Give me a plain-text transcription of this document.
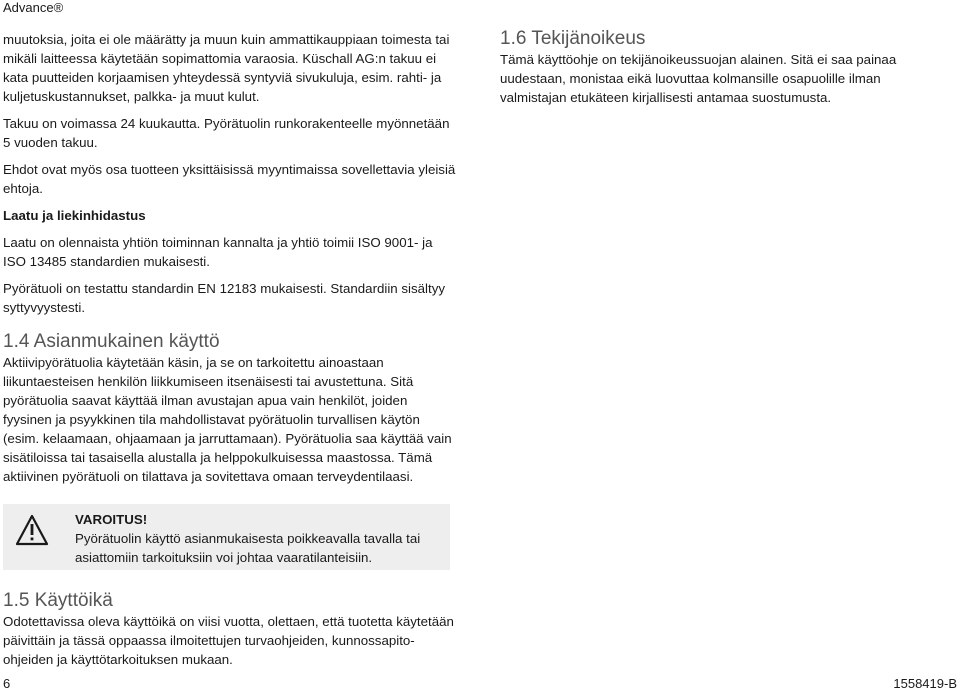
Advance®

muutoksia, joita ei ole määrätty ja muun kuin ammattikauppiaan toimesta tai mikäli laitteessa käytetään sopimattomia varaosia. Küschall AG:n takuu ei kata puutteiden korjaamisen yhteydessä syntyviä sivukuluja, esim. rahti- ja kuljetuskustannukset, palkka- ja muut kulut.

Takuu on voimassa 24 kuukautta. Pyörätuolin runkorakenteelle myönnetään 5 vuoden takuu.

Ehdot ovat myös osa tuotteen yksittäisissä myyntimaissa sovellettavia yleisiä ehtoja.

Laatu ja liekinhidastus

Laatu on olennaista yhtiön toiminnan kannalta ja yhtiö toimii ISO 9001- ja ISO 13485 standardien mukaisesti.

Pyörätuoli on testattu standardin EN 12183 mukaisesti. Standardiin sisältyy syttyvyystesti.

1.4 Asianmukainen käyttö

Aktiivipyörätuolia käytetään käsin, ja se on tarkoitettu ainoastaan liikuntaesteisen henkilön liikkumiseen itsenäisesti tai avustettuna. Sitä pyörätuolia saavat käyttää ilman avustajan apua vain henkilöt, joiden fyysinen ja psyykkinen tila mahdollistavat pyörätuolin turvallisen käytön (esim. kelaamaan, ohjaamaan ja jarruttamaan). Pyörätuolia saa käyttää vain sisätiloissa tai tasaisella alustalla ja helppokulkuisessa maastossa. Tämä aktiivinen pyörätuoli on tilattava ja sovitettava omaan terveydentilaasi.

VAROITUS!

Pyörätuolin käyttö asianmukaisesta poikkeavalla tavalla tai asiattomiin tarkoituksiin voi johtaa vaaratilanteisiin.

1.5 Käyttöikä

Odotettavissa oleva käyttöikä on viisi vuotta, olettaen, että tuotetta käytetään päivittäin ja tässä oppaassa ilmoitettujen turvaohjeiden, kunnossapito-ohjeiden ja käyttötarkoituksen mukaan.

1.6 Tekijänoikeus

Tämä käyttöohje on tekijänoikeussuojan alainen. Sitä ei saa painaa uudestaan, monistaa eikä luovuttaa kolmansille osapuolille ilman valmistajan etukäteen kirjallisesti antamaa suostumusta.

6	1558419-B
